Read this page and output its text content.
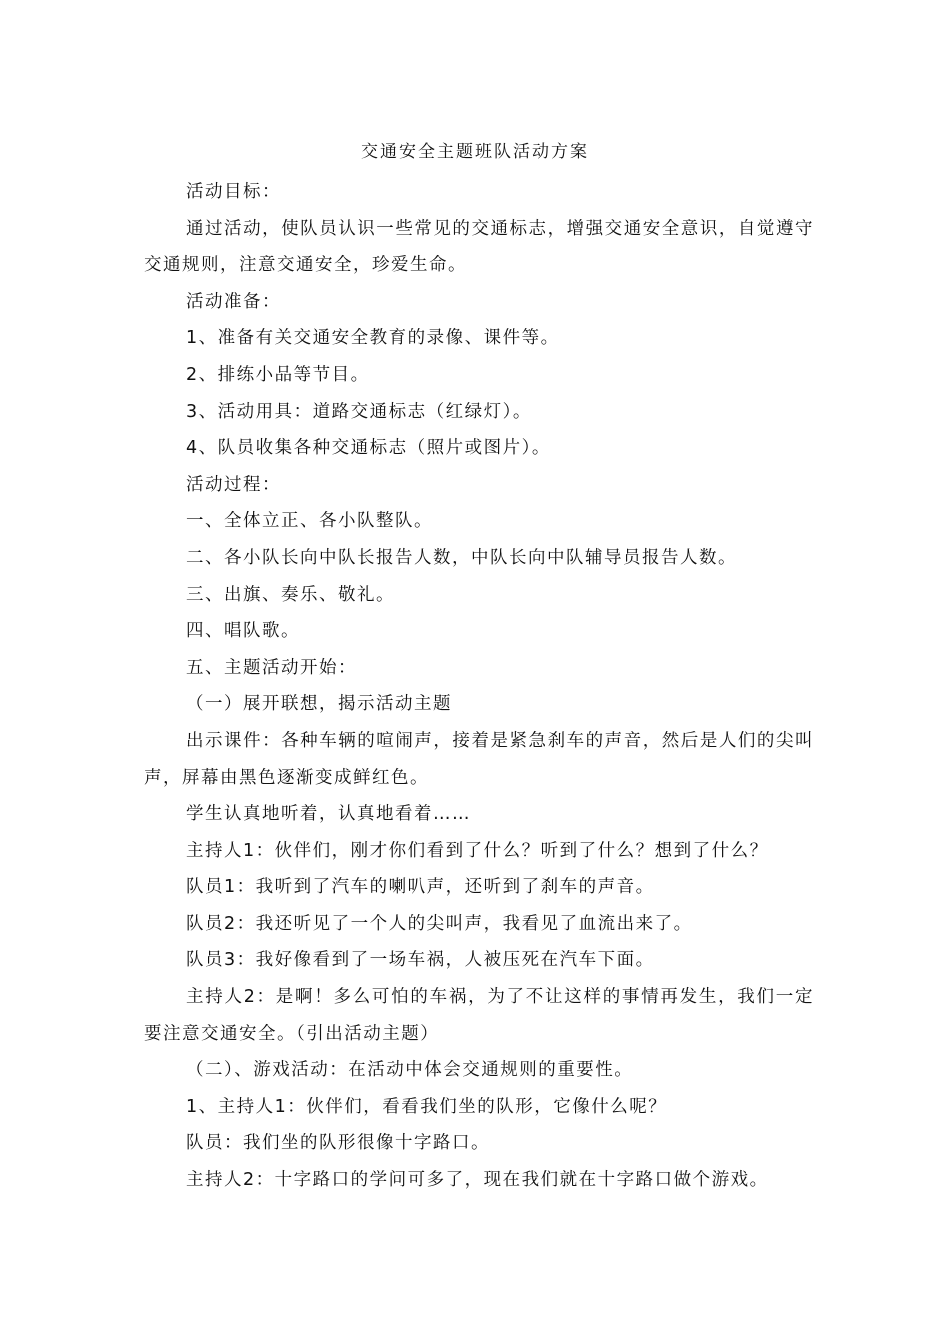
交通安全主题班队活动方案

活动目标：

通过活动，使队员认识一些常见的交通标志，增强交通安全意识，自觉遵守交通规则，注意交通安全，珍爱生命。

活动准备：

1、准备有关交通安全教育的录像、课件等。

2、排练小品等节目。

3、活动用具：道路交通标志（红绿灯）。

4、队员收集各种交通标志（照片或图片）。

活动过程：

一、全体立正、各小队整队。

二、各小队长向中队长报告人数，中队长向中队辅导员报告人数。

三、出旗、奏乐、敬礼。

四、唱队歌。

五、主题活动开始：

（一）展开联想，揭示活动主题

出示课件：各种车辆的喧闹声，接着是紧急刹车的声音，然后是人们的尖叫声，屏幕由黑色逐渐变成鲜红色。

学生认真地听着，认真地看着……

主持人1：伙伴们，刚才你们看到了什么？听到了什么？想到了什么？

队员1：我听到了汽车的喇叭声，还听到了刹车的声音。

队员2：我还听见了一个人的尖叫声，我看见了血流出来了。

队员3：我好像看到了一场车祸，人被压死在汽车下面。

主持人2：是啊！多么可怕的车祸，为了不让这样的事情再发生，我们一定要注意交通安全。（引出活动主题）

（二）、游戏活动：在活动中体会交通规则的重要性。

1、主持人1：伙伴们，看看我们坐的队形，它像什么呢？

队员：我们坐的队形很像十字路口。

主持人2：十字路口的学问可多了，现在我们就在十字路口做个游戏。
